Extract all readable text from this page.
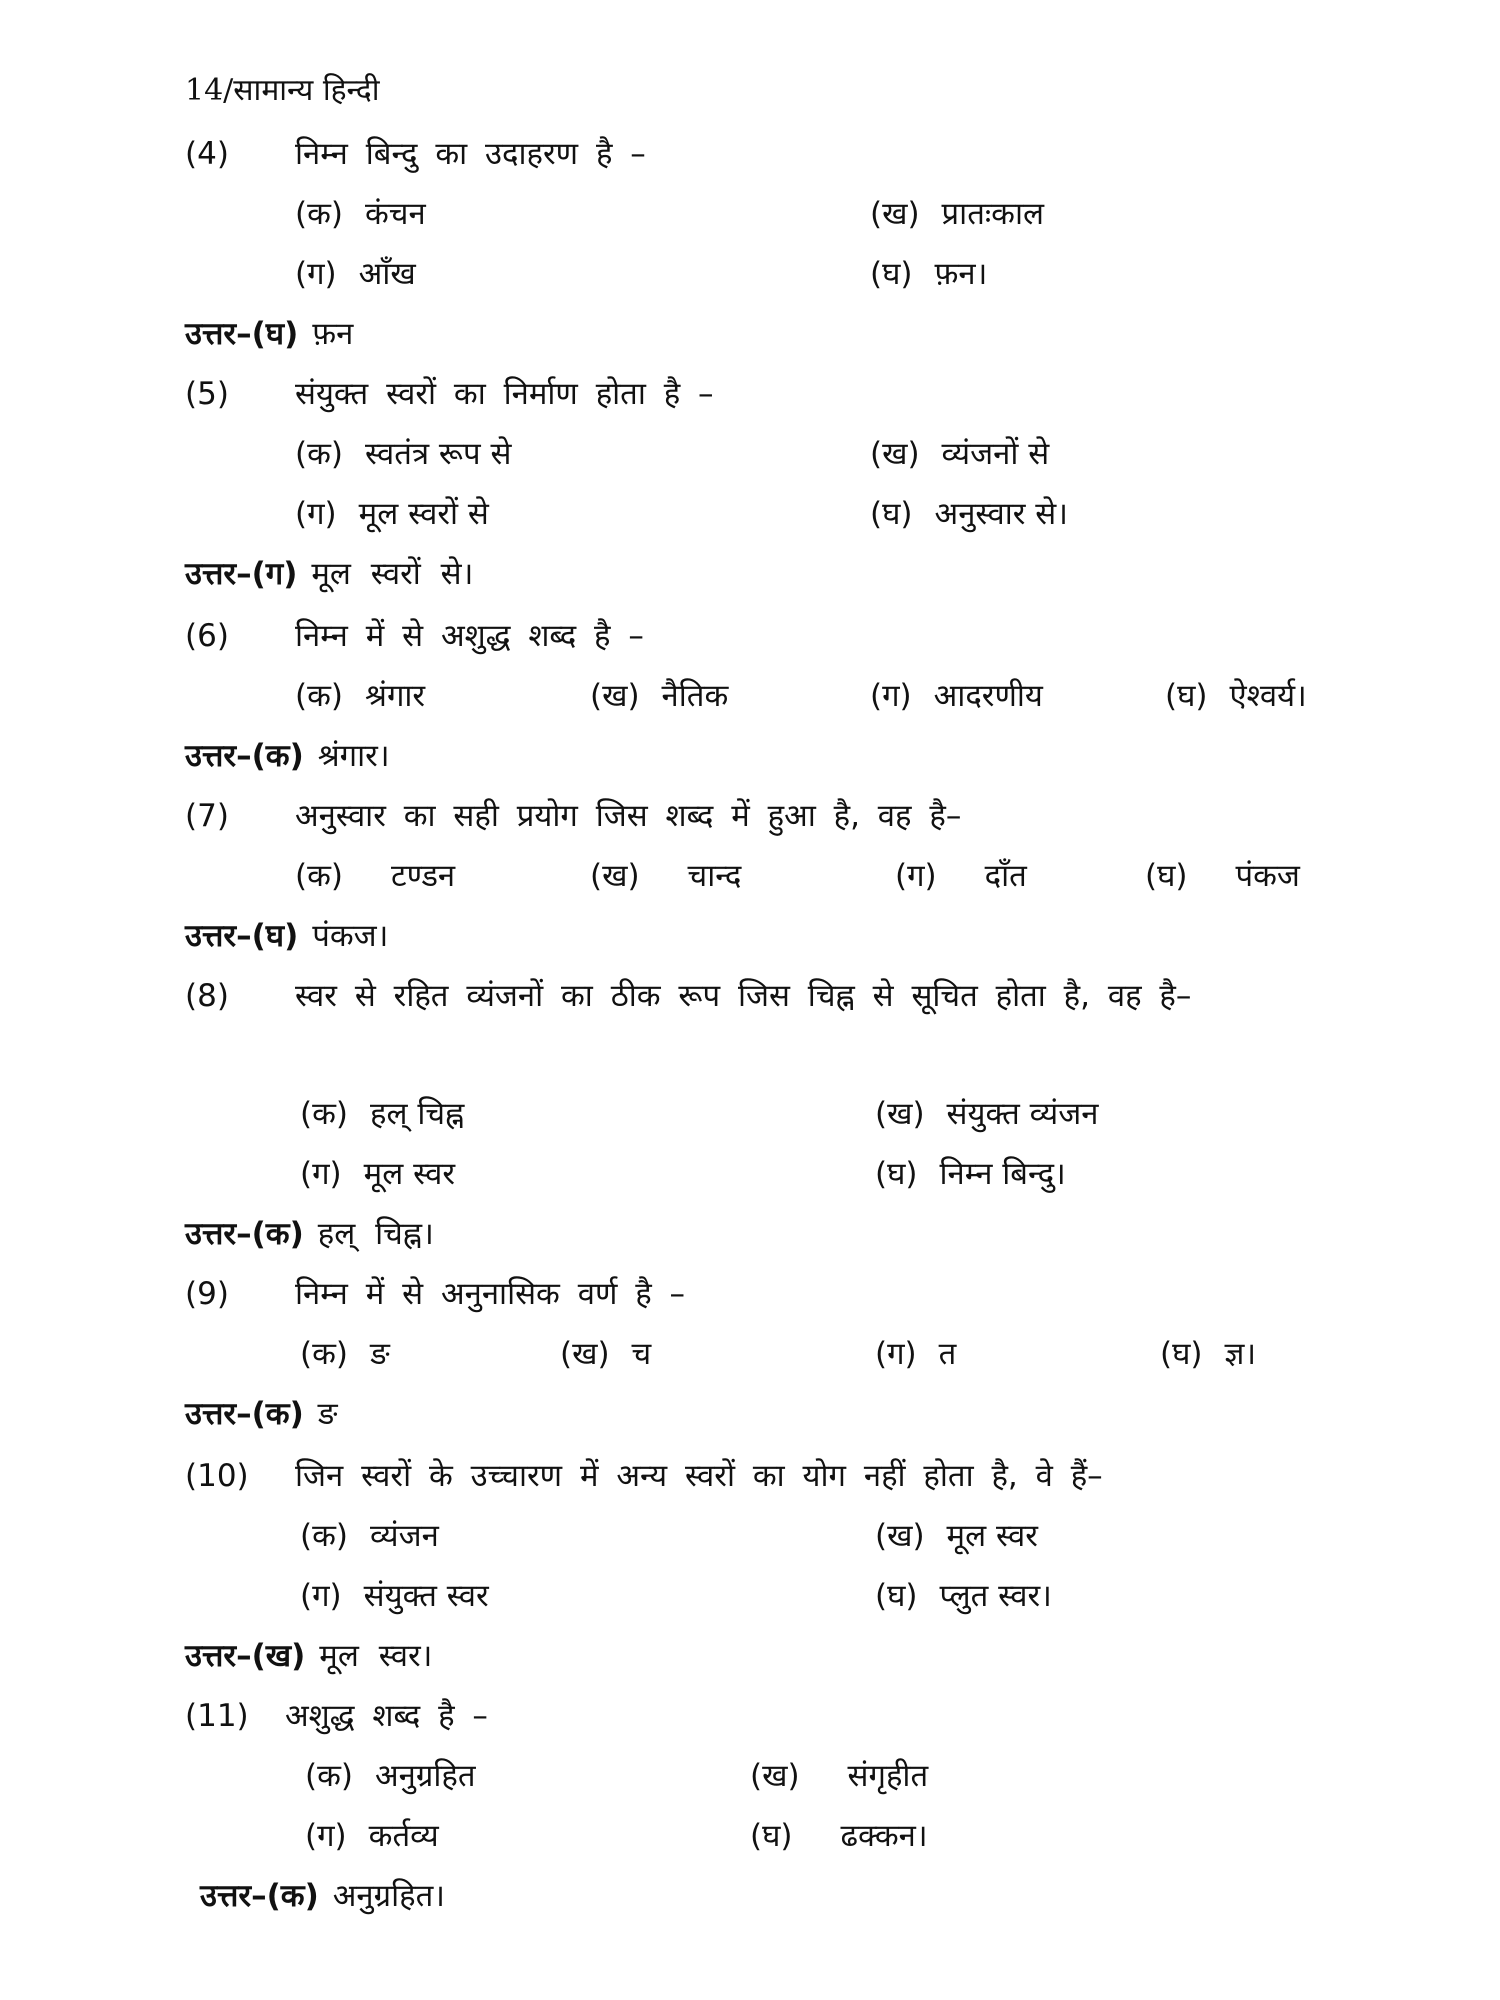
14/सामान्य हिन्दी
(4) निम्न बिन्दु का उदाहरण है –
(क) कंचन	(ख) प्रातःकाल
(ग) आँख	(घ) फ़न।
उत्तर–(घ) फ़न
(5) संयुक्त स्वरों का निर्माण होता है –
(क) स्वतंत्र रूप से	(ख) व्यंजनों से
(ग) मूल स्वरों से	(घ) अनुस्वार से।
उत्तर–(ग) मूल स्वरों से।
(6) निम्न में से अशुद्ध शब्द है –
(क) श्रंगार	(ख) नैतिक	(ग) आदरणीय	(घ) ऐश्वर्य।
उत्तर–(क) श्रंगार।
(7) अनुस्वार का सही प्रयोग जिस शब्द में हुआ है, वह है–
(क) टण्डन	(ख) चान्द	(ग) दाँत	(घ) पंकज
उत्तर–(घ) पंकज।
(8) स्वर से रहित व्यंजनों का ठीक रूप जिस चिह्न से सूचित होता है, वह है–
(क) हल् चिह्न	(ख) संयुक्त व्यंजन
(ग) मूल स्वर	(घ) निम्न बिन्दु।
उत्तर–(क) हल् चिह्न।
(9) निम्न में से अनुनासिक वर्ण है –
(क) ङ	(ख) च	(ग) त	(घ) ज्ञ।
उत्तर–(क) ङ
(10) जिन स्वरों के उच्चारण में अन्य स्वरों का योग नहीं होता है, वे हैं–
(क) व्यंजन	(ख) मूल स्वर
(ग) संयुक्त स्वर	(घ) प्लुत स्वर।
उत्तर–(ख) मूल स्वर।
(11) अशुद्ध शब्द है –
(क) अनुग्रहित	(ख) संगृहीत
(ग) कर्तव्य	(घ) ढक्कन।
उत्तर–(क) अनुग्रहित।
